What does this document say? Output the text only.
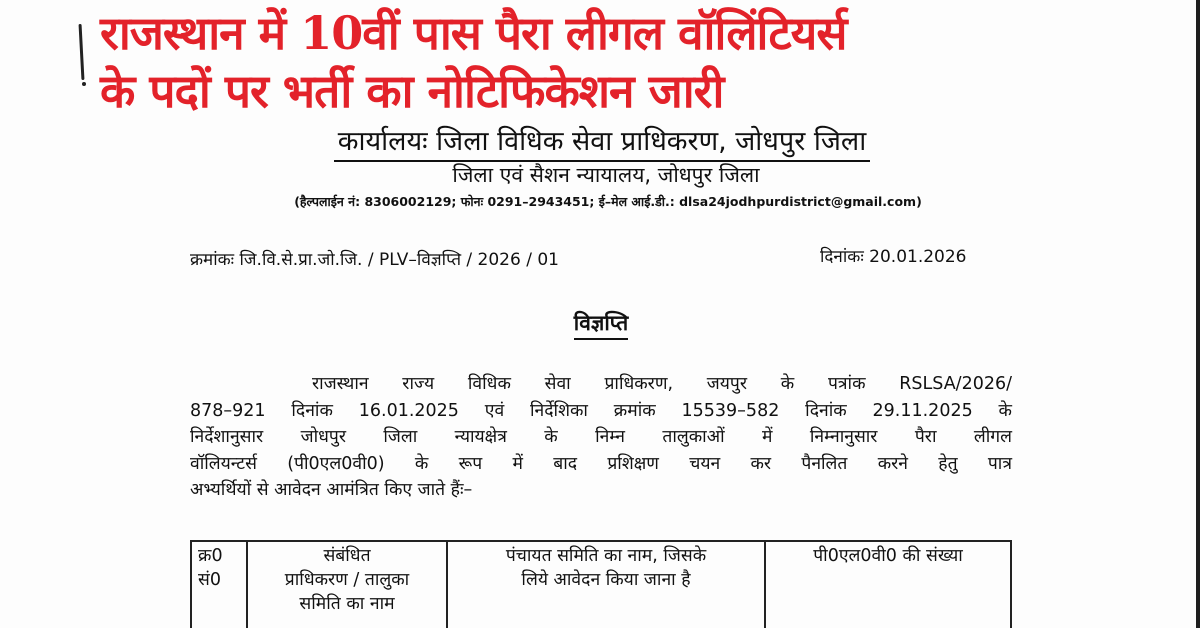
राजस्थान में 10वीं पास पैरा लीगल वॉलिंटियर्स
के पदों पर भर्ती का नोटिफिकेशन जारी
कार्यालयः जिला विधिक सेवा प्राधिकरण, जोधपुर जिला
जिला एवं सैशन न्यायालय, जोधपुर जिला
(हैल्पलाईन नं: 8306002129; फोनः 0291–2943451; ई–मेल आई.डी.: dlsa24jodhpurdistrict@gmail.com)
क्रमांकः जि.वि.से.प्रा.जो.जि. / PLV–विज्ञप्ति / 2026 / 01	दिनांकः 20.01.2026
विज्ञप्ति
राजस्थान राज्य विधिक सेवा प्राधिकरण, जयपुर के पत्रांक RSLSA/2026/
878–921 दिनांक 16.01.2025 एवं निर्देशिका क्रमांक 15539–582 दिनांक 29.11.2025 के
निर्देशानुसार जोधपुर जिला न्यायक्षेत्र के निम्न तालुकाओं में निम्नानुसार पैरा लीगल
वॉलियन्टर्स (पी0एल0वी0) के रूप में बाद प्रशिक्षण चयन कर पैनलित करने हेतु पात्र
अभ्यर्थियों से आवेदन आमंत्रित किए जाते हैंः–
क्र0
सं0
संबंधित
प्राधिकरण / तालुका
समिति का नाम
पंचायत समिति का नाम, जिसके
लिये आवेदन किया जाना है
पी0एल0वी0 की संख्या
